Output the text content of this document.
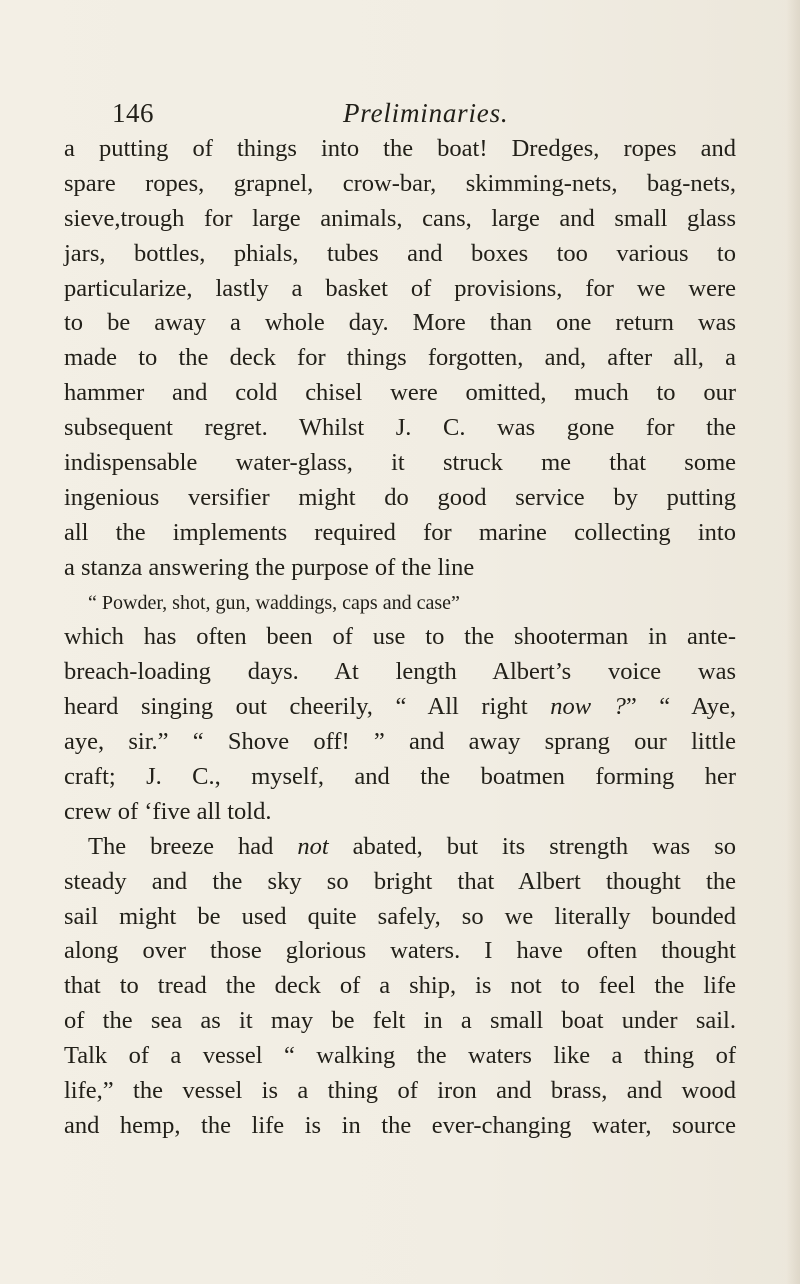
146	Preliminaries.
a putting of things into the boat! Dredges, ropes and
spare ropes, grapnel, crow-bar, skimming-nets, bag-nets,
sieve,trough for large animals, cans, large and small glass
jars, bottles, phials, tubes and boxes too various to
particularize, lastly a basket of provisions, for we were
to be away a whole day. More than one return was
made to the deck for things forgotten, and, after all, a
hammer and cold chisel were omitted, much to our
subsequent regret. Whilst J. C. was gone for the
indispensable water-glass, it struck me that some
ingenious versifier might do good service by putting
all the implements required for marine collecting into
a stanza answering the purpose of the line
“ Powder, shot, gun, waddings, caps and case”
which has often been of use to the shooterman in ante-
breach-loading days. At length Albert’s voice was
heard singing out cheerily, “ All right now ?” “ Aye,
aye, sir.” “ Shove off! ” and away sprang our little
craft; J. C., myself, and the boatmen forming her
crew of ‘five all told.
The breeze had not abated, but its strength was so
steady and the sky so bright that Albert thought the
sail might be used quite safely, so we literally bounded
along over those glorious waters. I have often thought
that to tread the deck of a ship, is not to feel the life
of the sea as it may be felt in a small boat under sail.
Talk of a vessel “ walking the waters like a thing of
life,” the vessel is a thing of iron and brass, and wood
and hemp, the life is in the ever-changing water, source
